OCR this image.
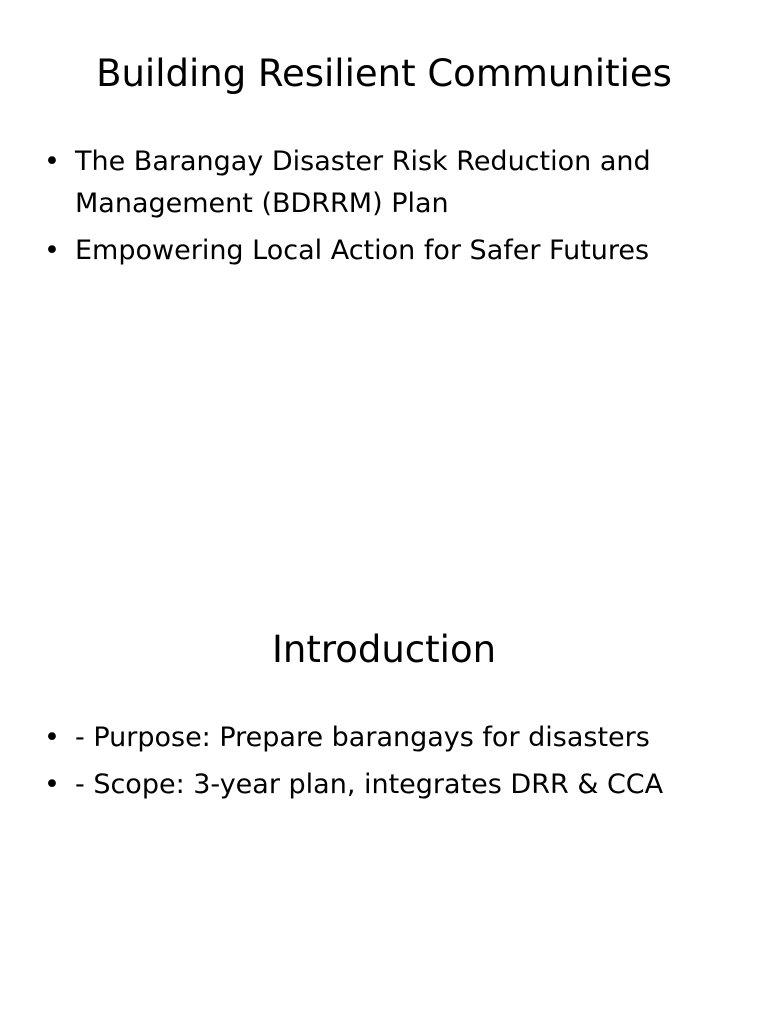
Building Resilient Communities
• The Barangay Disaster Risk Reduction and Management (BDRRM) Plan
• Empowering Local Action for Safer Futures
Introduction
• - Purpose: Prepare barangays for disasters
• - Scope: 3-year plan, integrates DRR & CCA
